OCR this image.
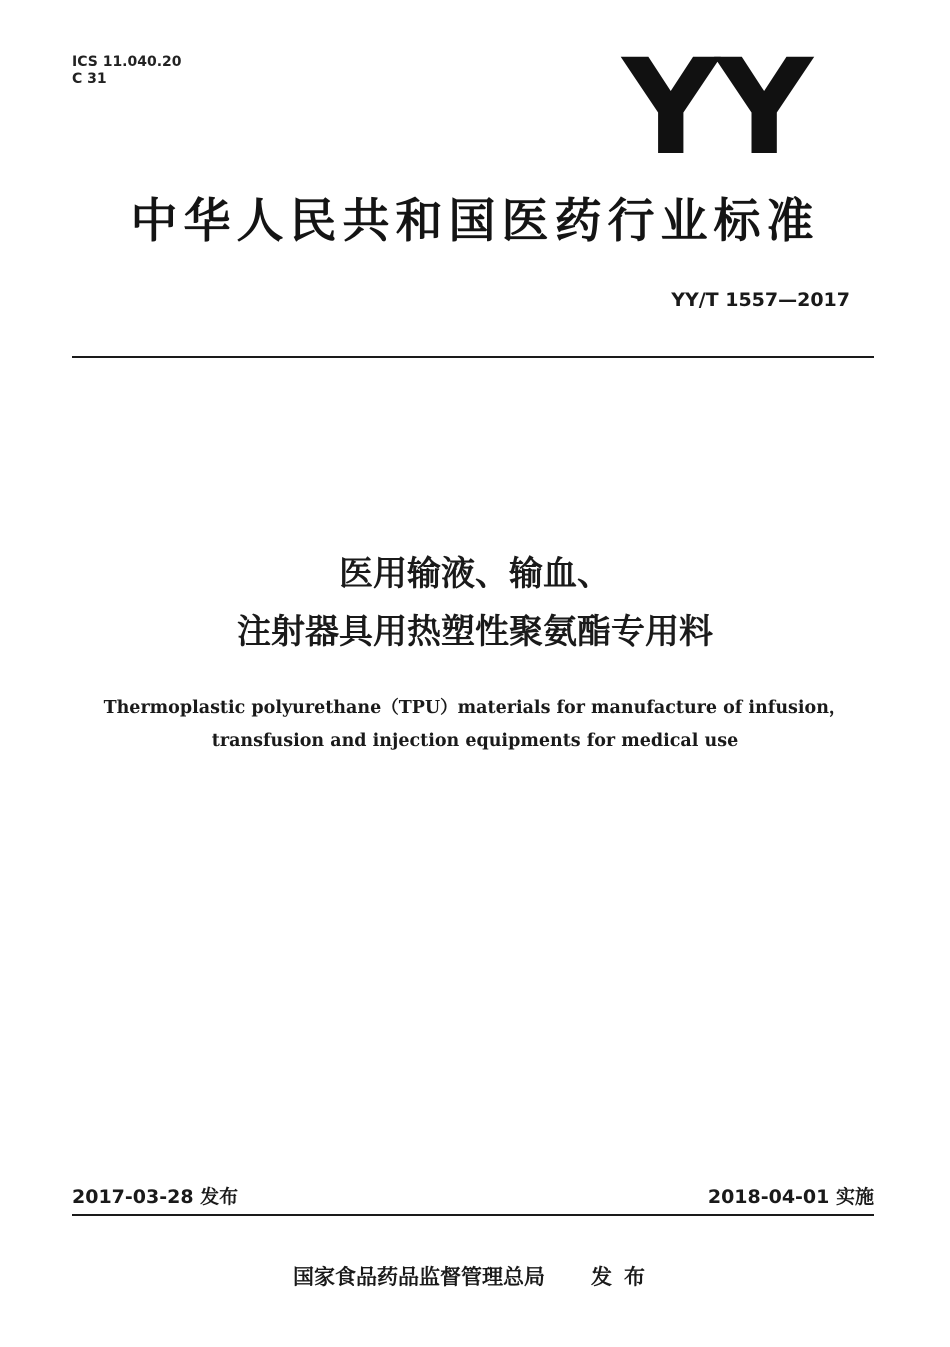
ICS 11.040.20
C 31	YY
中华人民共和国医药行业标准
YY/T 1557—2017
医用输液、输血、
注射器具用热塑性聚氨酯专用料
Thermoplastic polyurethane（TPU）materials for manufacture of infusion，
transfusion and injection equipments for medical use
2017-03-28 发布	2018-04-01 实施
国家食品药品监督管理总局 发布
